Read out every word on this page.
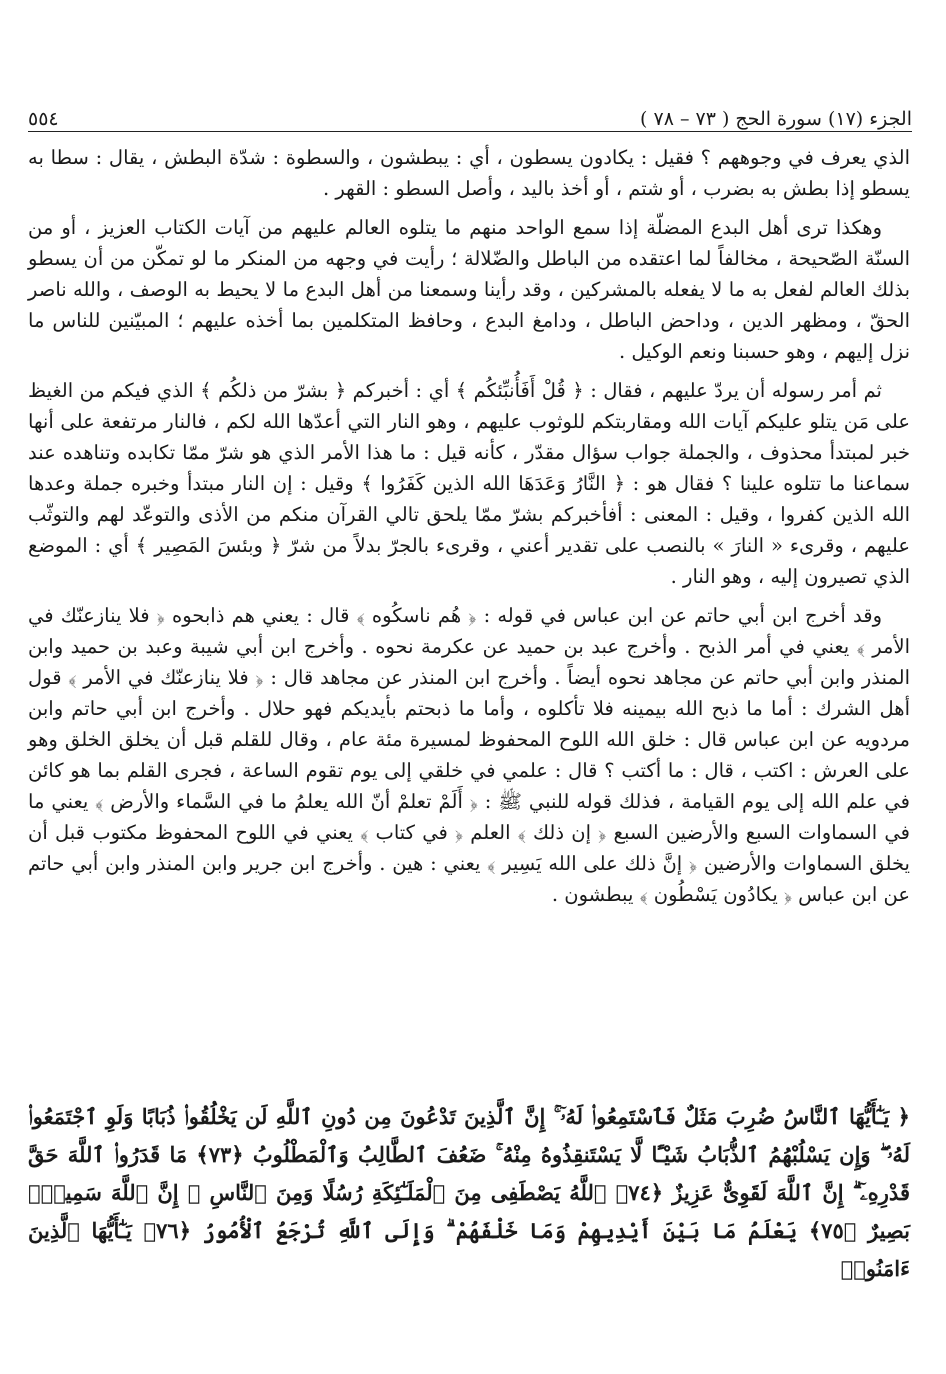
الجزء (١٧) سورة الحج ( ٧٣ – ٧٨ )
٥٥٤

الذي يعرف في وجوههم ؟ فقيل : يكادون يسطون ، أي : يبطشون ، والسطوة : شدّة البطش ، يقال : سطا به يسطو إذا بطش به بضرب ، أو شتم ، أو أخذ باليد ، وأصل السطو : القهر .

وهكذا ترى أهل البدع المضلّة إذا سمع الواحد منهم ما يتلوه العالم عليهم من آيات الكتاب العزيز ، أو من السنّة الصّحيحة ، مخالفاً لما اعتقده من الباطل والضّلالة ؛ رأيت في وجهه من المنكر ما لو تمكّن من أن يسطو بذلك العالم لفعل به ما لا يفعله بالمشركين ، وقد رأينا وسمعنا من أهل البدع ما لا يحيط به الوصف ، والله ناصر الحقّ ، ومظهر الدين ، وداحض الباطل ، ودامغ البدع ، وحافظ المتكلمين بما أخذه عليهم ؛ المبيّنين للناس ما نزل إليهم ، وهو حسبنا ونعم الوكيل .

ثم أمر رسوله أن يردّ عليهم ، فقال : ﴿ قُلْ أَفَأُنبِّئكُم ﴾ أي : أخبركم ﴿ بشرّ من ذلكُم ﴾ الذي فيكم من الغيظ على مَن يتلو عليكم آيات الله ومقاربتكم للوثوب عليهم ، وهو النار التي أعدّها الله لكم ، فالنار مرتفعة على أنها خبر لمبتدأ محذوف ، والجملة جواب سؤال مقدّر ، كأنه قيل : ما هذا الأمر الذي هو شرّ ممّا تكابده وتناهده عند سماعنا ما تتلوه علينا ؟ فقال هو : ﴿ النَّارُ وَعَدَهَا الله الذين كَفَرُوا ﴾ وقيل : إن النار مبتدأ وخبره جملة وعدها الله الذين كفروا ، وقيل : المعنى : أفأخبركم بشرّ ممّا يلحق تالي القرآن منكم من الأذى والتوعّد لهم والتوثّب عليهم ، وقرىء « النارَ » بالنصب على تقدير أعني ، وقرىء بالجرّ بدلاً من شرّ ﴿ وبئسَ المَصِير ﴾ أي : الموضع الذي تصيرون إليه ، وهو النار .

وقد أخرج ابن أبي حاتم عن ابن عباس في قوله : ﴿ هُم ناسكُوه ﴾ قال : يعني هم ذابحوه ﴿ فلا ينازعنّك في الأمر ﴾ يعني في أمر الذبح . وأخرج عبد بن حميد عن عكرمة نحوه . وأخرج ابن أبي شيبة وعبد بن حميد وابن المنذر وابن أبي حاتم عن مجاهد نحوه أيضاً . وأخرج ابن المنذر عن مجاهد قال : ﴿ فلا ينازعنّك في الأمر ﴾ قول أهل الشرك : أما ما ذبح الله بيمينه فلا تأكلوه ، وأما ما ذبحتم بأيديكم فهو حلال . وأخرج ابن أبي حاتم وابن مردويه عن ابن عباس قال : خلق الله اللوح المحفوظ لمسيرة مئة عام ، وقال للقلم قبل أن يخلق الخلق وهو على العرش : اكتب ، قال : ما أكتب ؟ قال : علمي في خلقي إلى يوم تقوم الساعة ، فجرى القلم بما هو كائن في علم الله إلى يوم القيامة ، فذلك قوله للنبي ﷺ : ﴿ أَلَمْ تعلمْ أنّ الله يعلمُ ما في السَّماء والأرض ﴾ يعني ما في السماوات السبع والأرضين السبع ﴿ إن ذلك ﴾ العلم ﴿ في كتاب ﴾ يعني في اللوح المحفوظ مكتوب قبل أن يخلق السماوات والأرضين ﴿ إنَّ ذلك على الله يَسِير ﴾ يعني : هين . وأخرج ابن جرير وابن المنذر وابن أبي حاتم عن ابن عباس ﴿ يكادُون يَسْطُون ﴾ يبطشون .

﴿ يَـٰٓأَيُّهَا ٱلنَّاسُ ضُرِبَ مَثَلٌ فَٱسْتَمِعُوا۟ لَهُۥٓ ۚ إِنَّ ٱلَّذِينَ تَدْعُونَ مِن دُونِ ٱللَّهِ لَن يَخْلُقُوا۟ ذُبَابًا وَلَوِ ٱجْتَمَعُوا۟ لَهُۥ ۖ وَإِن يَسْلُبْهُمُ ٱلذُّبَابُ شَيْـًٔا لَّا يَسْتَنقِذُوهُ مِنْهُ ۚ ضَعُفَ ٱلطَّالِبُ وَٱلْمَطْلُوبُ ﴿٧٣﴾ مَا قَدَرُوا۟ ٱللَّهَ حَقَّ قَدْرِهِۦٓ ۗ إِنَّ ٱللَّهَ لَقَوِىٌّ عَزِيزٌ ﴿٧٤﴾ ٱللَّهُ يَصْطَفِى مِنَ ٱلْمَلَـٰٓئِكَةِ رُسُلًا وَمِنَ ٱلنَّاسِ ۚ إِنَّ ٱللَّهَ سَمِيعٌۢ بَصِيرٌ ﴿٧٥﴾ يَعْلَمُ مَا بَيْنَ أَيْدِيهِمْ وَمَا خَلْفَهُمْ ۗ وَإِلَى ٱللَّهِ تُرْجَعُ ٱلْأُمُورُ ﴿٧٦﴾ يَـٰٓأَيُّهَا ٱلَّذِينَ ءَامَنُوا۟
